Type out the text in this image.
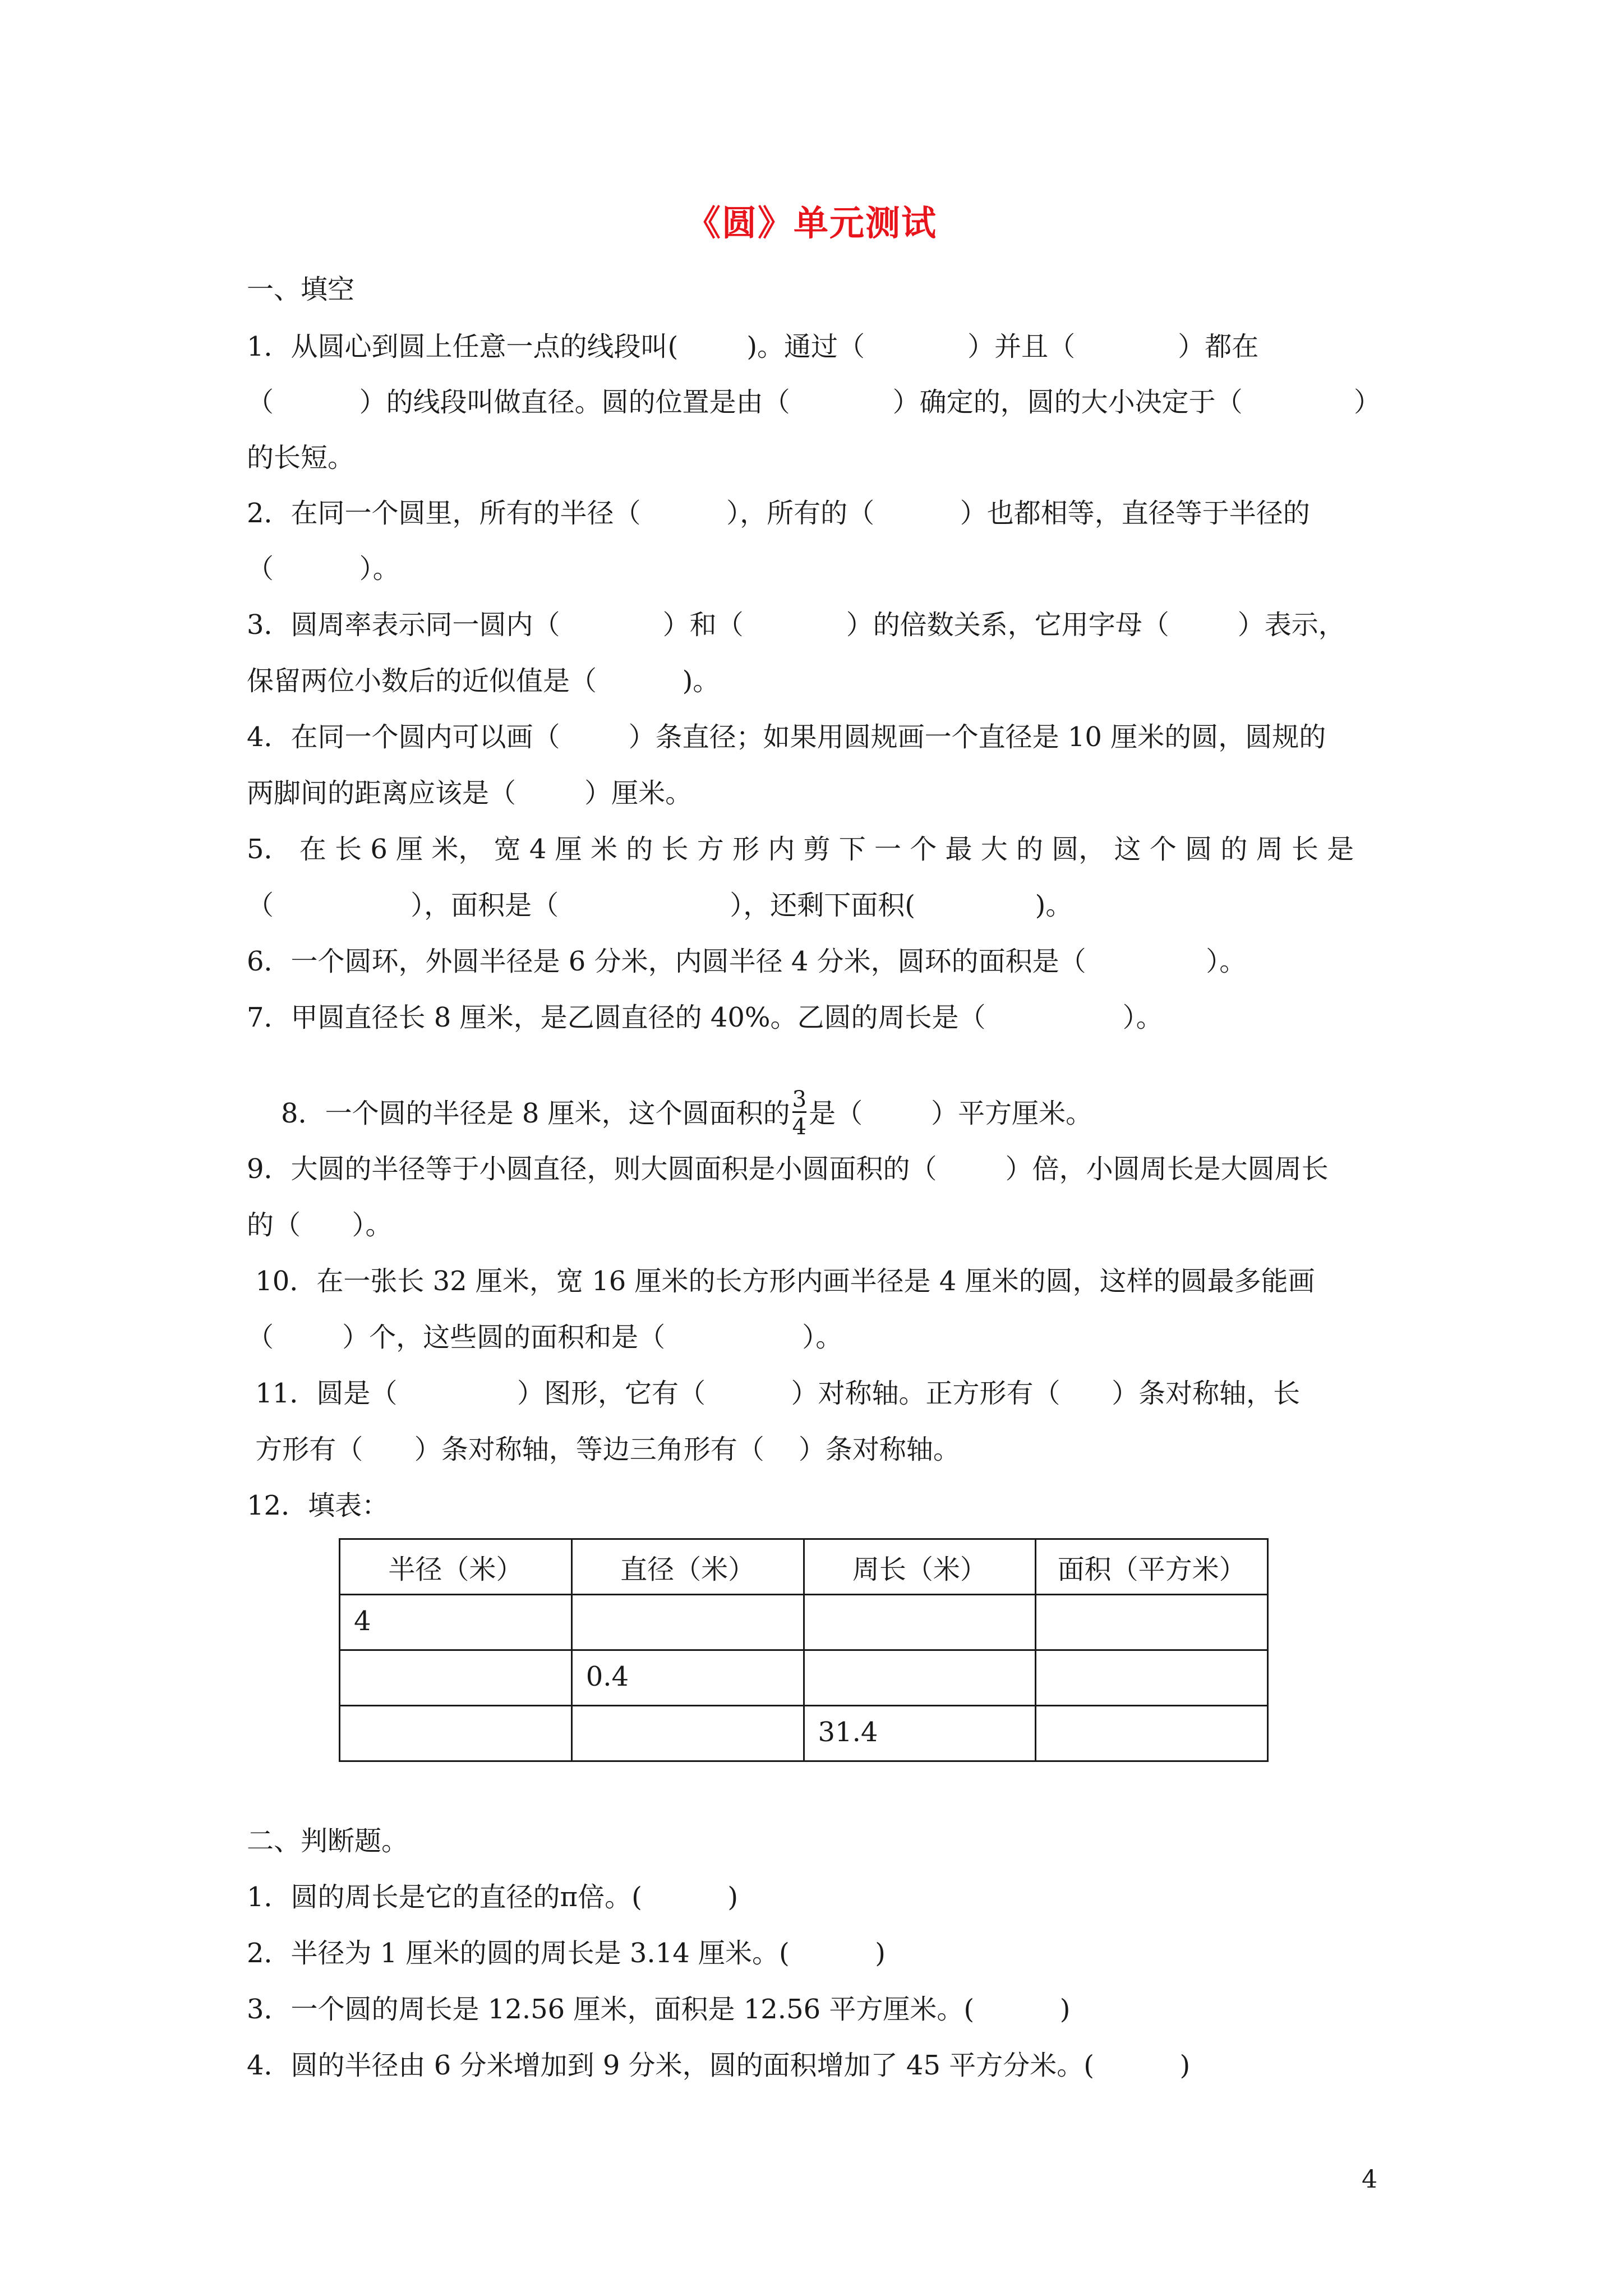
《圆》单元测试
一、填空
1．从圆心到圆上任意一点的线段叫(        )。通过（            ）并且（            ）都在
（          ）的线段叫做直径。圆的位置是由（            ）确定的，圆的大小决定于（             ）
的长短。
2．在同一个圆里，所有的半径（          ），所有的（          ）也都相等，直径等于半径的
（          ）。
3．圆周率表示同一圆内（            ）和（            ）的倍数关系，它用字母（        ）表示，
保留两位小数后的近似值是（          )。
4．在同一个圆内可以画（        ）条直径；如果用圆规画一个直径是 10 厘米的圆，圆规的
两脚间的距离应该是（        ）厘米。
5． 在 长 6 厘 米， 宽 4 厘 米 的 长 方 形 内 剪 下 一 个 最 大 的 圆， 这 个 圆 的 周 长 是
（                ），面积是（                    ），还剩下面积(              )。
6．一个圆环，外圆半径是 6 分米，内圆半径 4 分米，圆环的面积是（              ）。
7．甲圆直径长 8 厘米，是乙圆直径的 40%。乙圆的周长是（                ）。

8．一个圆的半径是 8 厘米，这个圆面积的 $\frac{3}{4}$ 是（        ）平方厘米。

9．大圆的半径等于小圆直径，则大圆面积是小圆面积的（        ）倍，小圆周长是大圆周长
的（      ）。
10．在一张长 32 厘米，宽 16 厘米的长方形内画半径是 4 厘米的圆，这样的圆最多能画
（        ）个，这些圆的面积和是（                ）。
11．圆是（              ）图形，它有（          ）对称轴。正方形有（      ）条对称轴，长
方形有（      ）条对称轴，等边三角形有（    ）条对称轴。
12．填表：
半径（米）	直径（米）	周长（米）	面积（平方米）

4			

	0.4		

		31.4	

二、判断题。
1．圆的周长是它的直径的π倍。(          )
2．半径为 1 厘米的圆的周长是 3.14 厘米。(          )
3．一个圆的周长是 12.56 厘米，面积是 12.56 平方厘米。(          )
4．圆的半径由 6 分米增加到 9 分米，圆的面积增加了 45 平方分米。(          )
4
